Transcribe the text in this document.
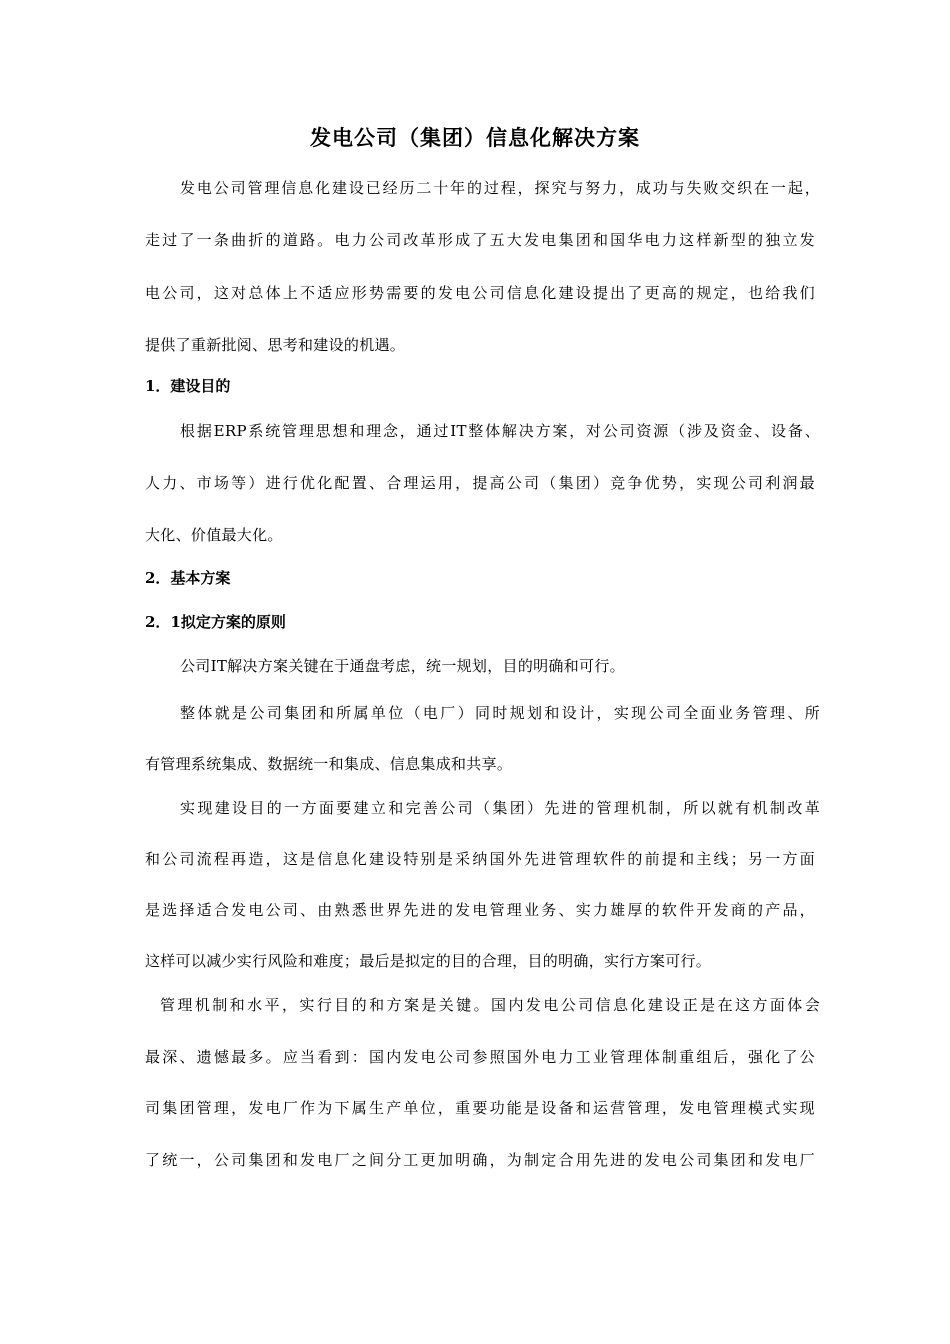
发电公司（集团）信息化解决方案
发电公司管理信息化建设已经历二十年的过程，探究与努力，成功与失败交织在一起，
走过了一条曲折的道路。电力公司改革形成了五大发电集团和国华电力这样新型的独立发
电公司，这对总体上不适应形势需要的发电公司信息化建设提出了更高的规定，也给我们
提供了重新批阅、思考和建设的机遇。
1．建设目的
根据ERP系统管理思想和理念，通过IT整体解决方案，对公司资源（涉及资金、设备、
人力、市场等）进行优化配置、合理运用，提高公司（集团）竞争优势，实现公司利润最
大化、价值最大化。
2．基本方案
2．1拟定方案的原则
公司IT解决方案关键在于通盘考虑，统一规划，目的明确和可行。
整体就是公司集团和所属单位（电厂）同时规划和设计，实现公司全面业务管理、所
有管理系统集成、数据统一和集成、信息集成和共享。
实现建设目的一方面要建立和完善公司（集团）先进的管理机制，所以就有机制改革
和公司流程再造，这是信息化建设特别是采纳国外先进管理软件的前提和主线；另一方面
是选择适合发电公司、由熟悉世界先进的发电管理业务、实力雄厚的软件开发商的产品，
这样可以减少实行风险和难度；最后是拟定的目的合理，目的明确，实行方案可行。
管理机制和水平，实行目的和方案是关键。国内发电公司信息化建设正是在这方面体会
最深、遗憾最多。应当看到：国内发电公司参照国外电力工业管理体制重组后，强化了公
司集团管理，发电厂作为下属生产单位，重要功能是设备和运营管理，发电管理模式实现
了统一，公司集团和发电厂之间分工更加明确，为制定合用先进的发电公司集团和发电厂
